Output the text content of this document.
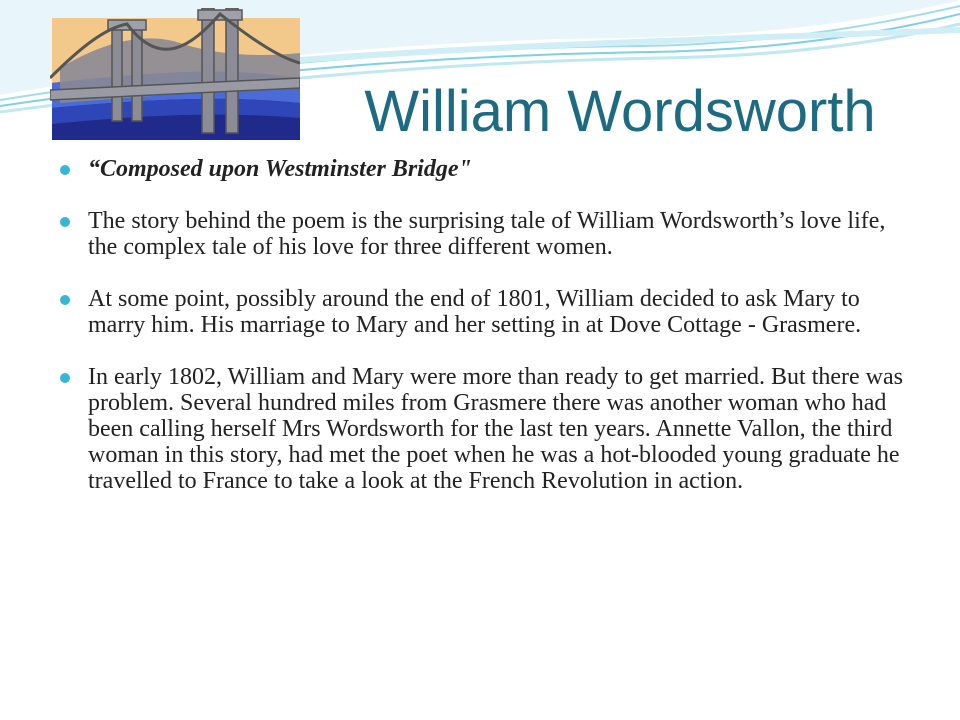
William Wordsworth
“Composed upon Westminster Bridge"
The story behind the poem is the surprising tale of William Wordsworth’s love life, the complex tale of his love for three different women.
At some point, possibly around the end of 1801, William decided to ask Mary to marry him. His marriage to Mary and her setting in at Dove Cottage - Grasmere.
In early 1802, William and Mary were more than ready to get married. But there was problem. Several hundred miles from Grasmere there was another woman who had been calling herself Mrs Wordsworth for the last ten years. Annette Vallon, the third woman in this story, had met the poet when he was a hot-blooded young graduate he travelled to France to take a look at the French Revolution in action.
